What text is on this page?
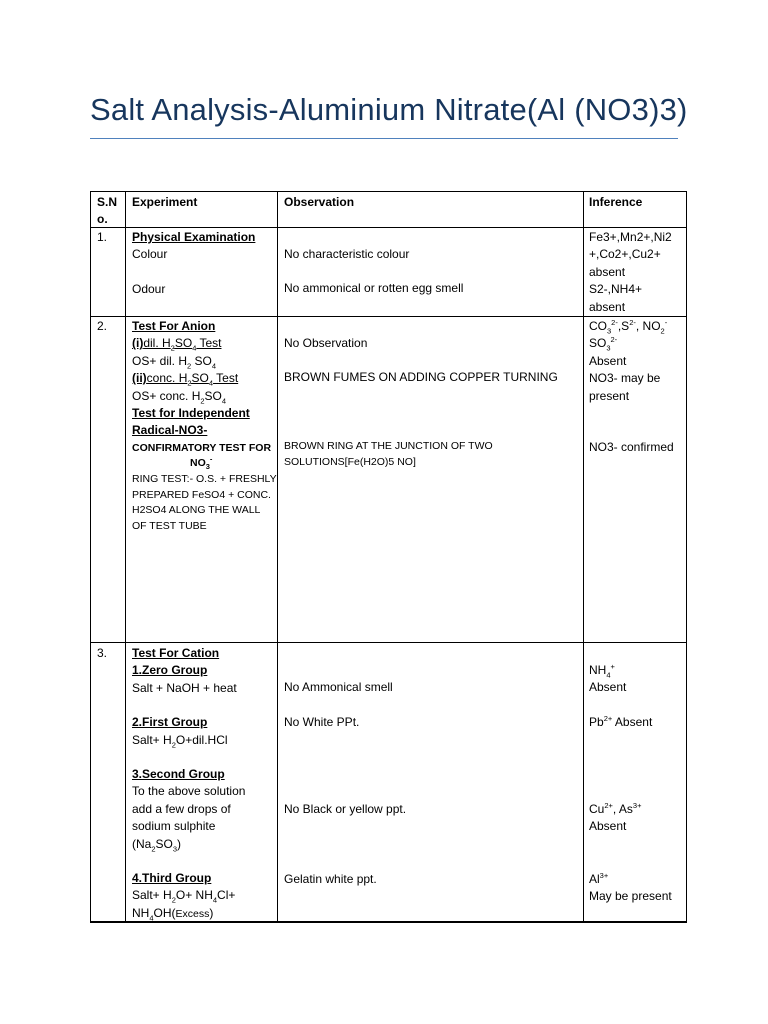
Salt Analysis-Aluminium Nitrate(Al (NO3)3)
S.N
o.
Experiment	Observation	Inference
1. Physical Examination
Colour
Odour
No characteristic colour
No ammonical or rotten egg smell
Fe3+,Mn2+,Ni2
+,Co2+,Cu2+
absent
S2-,NH4+
absent
2. Test For Anion
(i)dil. $H_2SO_4$ Test
OS+ dil. $H_2$ $SO_4$
(ii)conc. $H_2SO_4$ Test
OS+ conc. $H_2SO_4$
Test for Independent
Radical-NO3-
CONFIRMATORY TEST FOR
$NO_3^-$
RING TEST:- O.S. + FRESHLY
PREPARED FeSO4 + CONC.
H2SO4 ALONG THE WALL
OF TEST TUBE
No Observation
BROWN FUMES ON ADDING COPPER TURNING
BROWN RING AT THE JUNCTION OF TWO
SOLUTIONS[Fe(H2O)5 NO]
$CO_3^{2-},S^{2-}$, $NO_2^-$
$SO_3^{2-}$
Absent
NO3- may be
present
NO3- confirmed
3. Test For Cation
1.Zero Group
Salt + NaOH + heat
2.First Group
Salt+ $H_2O+dil.HCl$
3.Second Group
To the above solution
add a few drops of
sodium sulphite
$(Na_2SO_3)$
4.Third Group
Salt+ $H_2O+ NH_4Cl+$
$NH_4OH(Excess)$
No Ammonical smell
No White PPt.
No Black or yellow ppt.
Gelatin white ppt.
$NH_4^+$
Absent
$Pb^{2+}$ Absent
$Cu^{2+}$, $As^{3+}$
Absent
$Al^{3+}$
May be present
